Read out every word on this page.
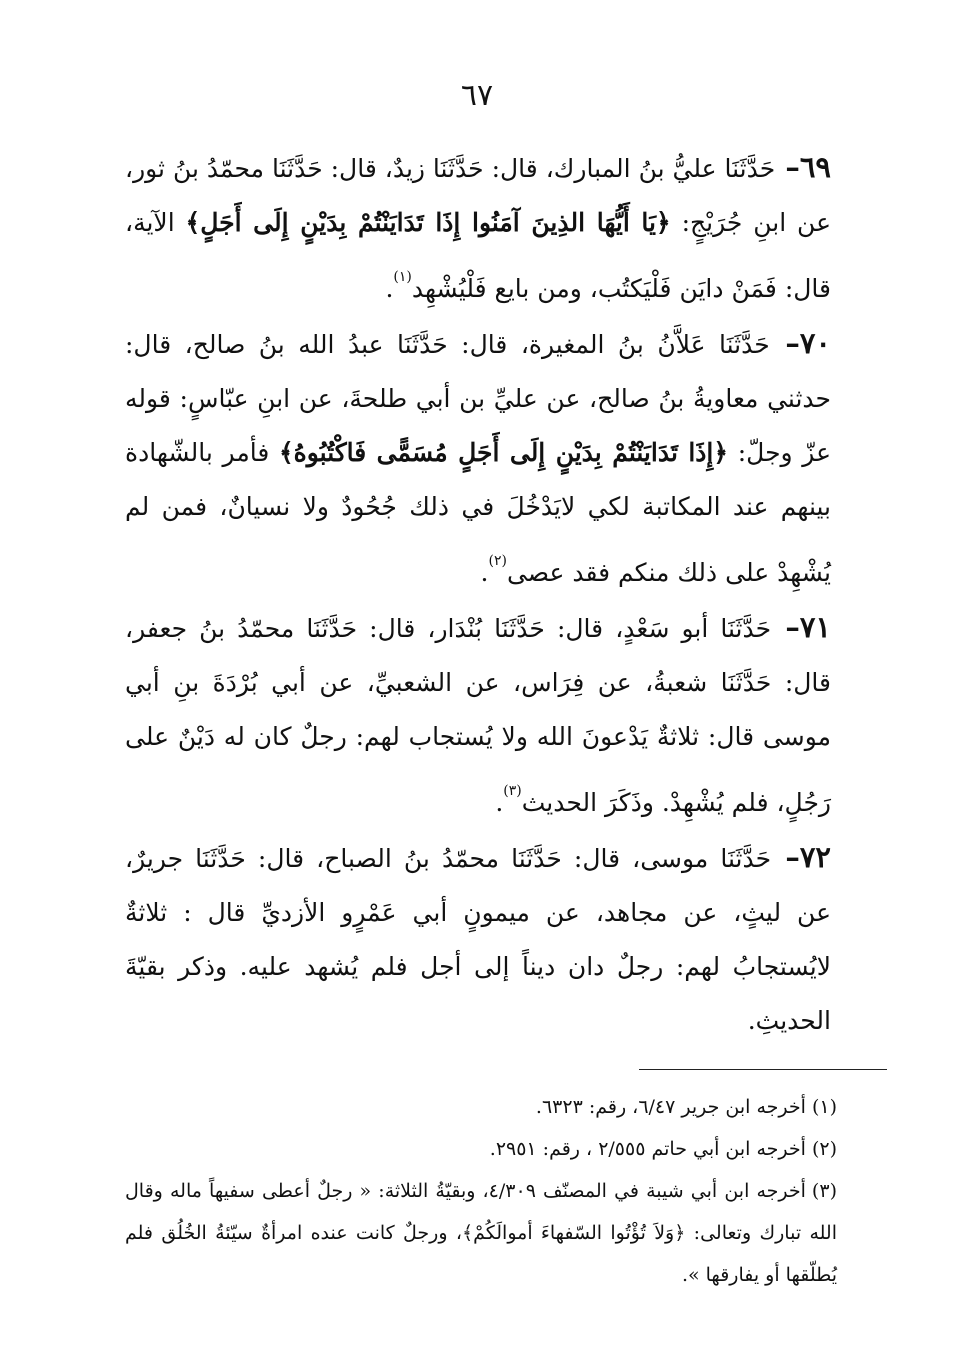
٦٧

٦٩– حَدَّثَنَا عليُّ بنُ المبارك، قال: حَدَّثَنَا زيدٌ، قال: حَدَّثَنَا محمّدُ بنُ ثور، عن ابنِ جُرَيْجٍ: ﴿يَا أَيُّهَا الذِينَ آمَنُوا إِذَا تَدَايَنْتُمْ بِدَيْنٍ إِلَى أَجَلٍ﴾ الآية، قال: فَمَنْ دايَن فَلْيَكتُب، ومن بايع فَلْيُشْهِد$^{(١)}$.

٧٠– حَدَّثَنَا عَلاَّنُ بنُ المغيرة، قال: حَدَّثَنَا عبدُ الله بنُ صالح، قال: حدثني معاويةُ بنُ صالح، عن عليِّ بن أبي طلحةَ، عن ابنِ عبّاسٍ: قوله عزّ وجلّ: ﴿إِذَا تَدَايَنْتُمْ بِدَيْنٍ إِلَى أَجَلٍ مُسَمًّى فَاكْتُبُوهُ﴾ فأمر بالشّهادة بينهم عند المكاتبة لكي لايَدْخُلَ في ذلك جُحُودٌ ولا نسيانٌ، فمن لم يُشْهِدْ على ذلك منكم فقد عصى$^{(٢)}$.

٧١– حَدَّثَنَا أبو سَعْدٍ، قال: حَدَّثَنَا بُنْدَار، قال: حَدَّثَنَا محمّدُ بنُ جعفر، قال: حَدَّثَنَا شعبةُ، عن فِرَاس، عن الشعبيِّ، عن أبي بُرْدَةَ بنِ أبي موسى قال: ثلاثةٌ يَدْعونَ الله ولا يُستجاب لهم: رجلٌ كان له دَيْنٌ على رَجُلٍ، فلم يُشْهِدْ. وذَكَرَ الحديث$^{(٣)}$.

٧٢– حَدَّثَنَا موسى، قال: حَدَّثَنَا محمّدُ بنُ الصباح، قال: حَدَّثَنَا جريرٌ، عن ليثٍ، عن مجاهد، عن ميمونٍ أبي عَمْرٍو الأزديِّ قال : ثلاثةٌ لايُستجابُ لهم: رجلٌ دان ديناً إلى أجل فلم يُشهد عليه. وذكر بقيّةَ الحديثِ.

(١)أخرجه ابن جرير ٦/٤٧، رقم: ٦٣٢٣.

(٢)أخرجه ابن أبي حاتم ٢/٥٥٥ ، رقم: ٢٩٥١.

(٣)أخرجه ابن أبي شيبة في المصنّف ٤/٣٠٩، وبقيّةُ الثلاثة: « رجلٌ أعطى سفيهاً ماله وقال الله تبارك وتعالى: ﴿وَلاَ تُؤْتُوا السّفهاءَ أموالَكُمْ﴾، ورجلٌ كانت عنده امرأةٌ سيّئةُ الخُلُق فلم يُطلّقها أو يفارقها ».
